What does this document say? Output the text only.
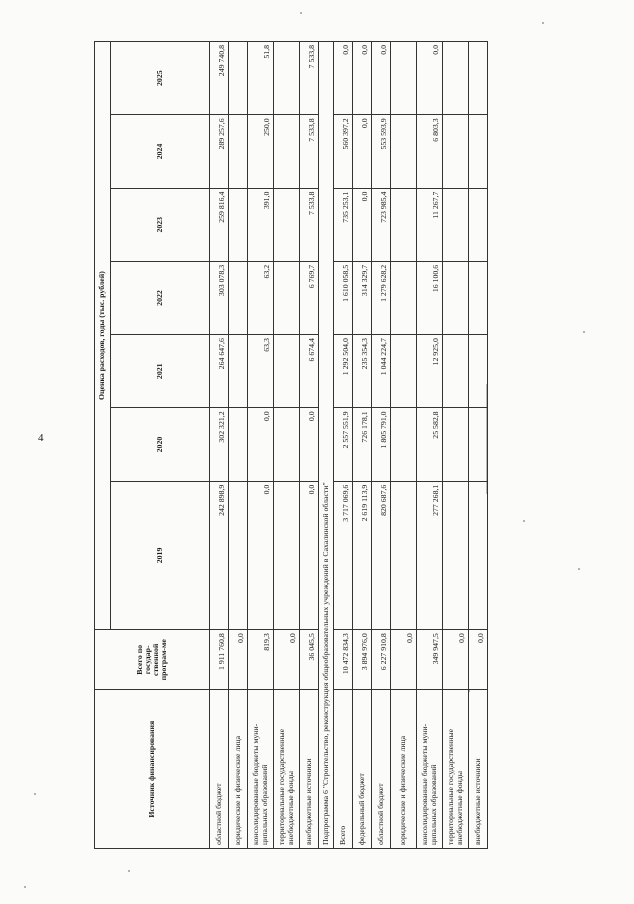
4
Источник финансирования	Всего по государ-ственной програм-ме	Оценка расходов, годы (тыс. рублей)						
		2019	2020	2021	2022	2023	2024	2025
областной бюджет	1 911 760,8	242 898,9	302 321,2	264 647,6	303 078,3	259 816,4	289 257,6	249 740,8
юридические и физические лица	0,0							
консолидированные бюджеты муни-ципальных образований	819,3	0,0	0,0	63,3	63,2	391,0	250,0	51,8
территориальные государственные внебюджетные фонды	0,0							
внебюджетные источники	36 045,5	0,0	0,0	6 674,4	6 769,7	7 533,8	7 533,8	7 533,8
Подпрограмма 6 "Строительство, реконструкция общеобразовательных учреждений в Сахалинской области"								
Всего	10 472 834,3	3 717 069,6	2 557 551,9	1 292 504,0	1 610 058,5	735 253,1	560 397,2	0,0
федеральный бюджет	3 894 976,0	2 619 113,9	726 178,1	235 354,3	314 329,7	0,0	0,0	0,0
областной бюджет	6 227 910,8	820 687,6	1 805 791,0	1 044 224,7	1 279 628,2	723 985,4	553 593,9	0,0
юридические и физические лица	0,0							
консолидированные бюджеты муни-ципальных образований	349 947,5	277 268,1	25 582,8	12 925,0	16 100,6	11 267,7	6 803,3	0,0
территориальные государственные внебюджетные фонды	0,0							
внебюджетные источники	0,0							
